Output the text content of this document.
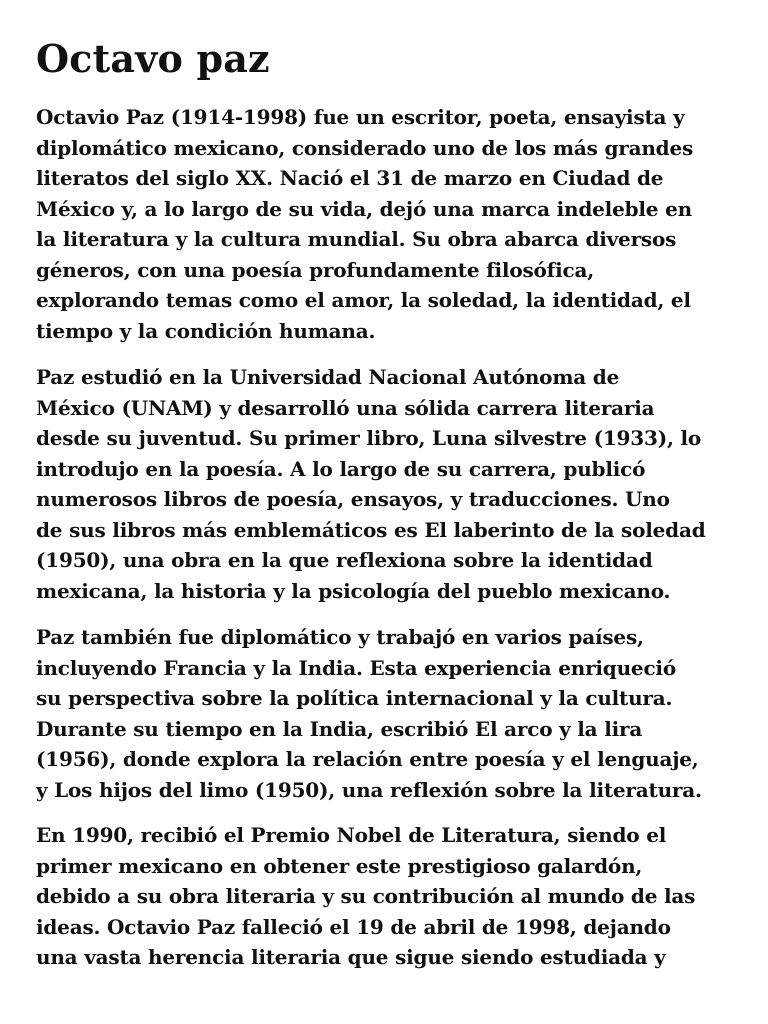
Octavo paz

Octavio Paz (1914-1998) fue un escritor, poeta, ensayista y
diplomático mexicano, considerado uno de los más grandes
literatos del siglo XX. Nació el 31 de marzo en Ciudad de
México y, a lo largo de su vida, dejó una marca indeleble en
la literatura y la cultura mundial. Su obra abarca diversos
géneros, con una poesía profundamente filosófica,
explorando temas como el amor, la soledad, la identidad, el
tiempo y la condición humana.

Paz estudió en la Universidad Nacional Autónoma de
México (UNAM) y desarrolló una sólida carrera literaria
desde su juventud. Su primer libro, Luna silvestre (1933), lo
introdujo en la poesía. A lo largo de su carrera, publicó
numerosos libros de poesía, ensayos, y traducciones. Uno
de sus libros más emblemáticos es El laberinto de la soledad
(1950), una obra en la que reflexiona sobre la identidad
mexicana, la historia y la psicología del pueblo mexicano.

Paz también fue diplomático y trabajó en varios países,
incluyendo Francia y la India. Esta experiencia enriqueció
su perspectiva sobre la política internacional y la cultura.
Durante su tiempo en la India, escribió El arco y la lira
(1956), donde explora la relación entre poesía y el lenguaje,
y Los hijos del limo (1950), una reflexión sobre la literatura.

En 1990, recibió el Premio Nobel de Literatura, siendo el
primer mexicano en obtener este prestigioso galardón,
debido a su obra literaria y su contribución al mundo de las
ideas. Octavio Paz falleció el 19 de abril de 1998, dejando
una vasta herencia literaria que sigue siendo estudiada y
